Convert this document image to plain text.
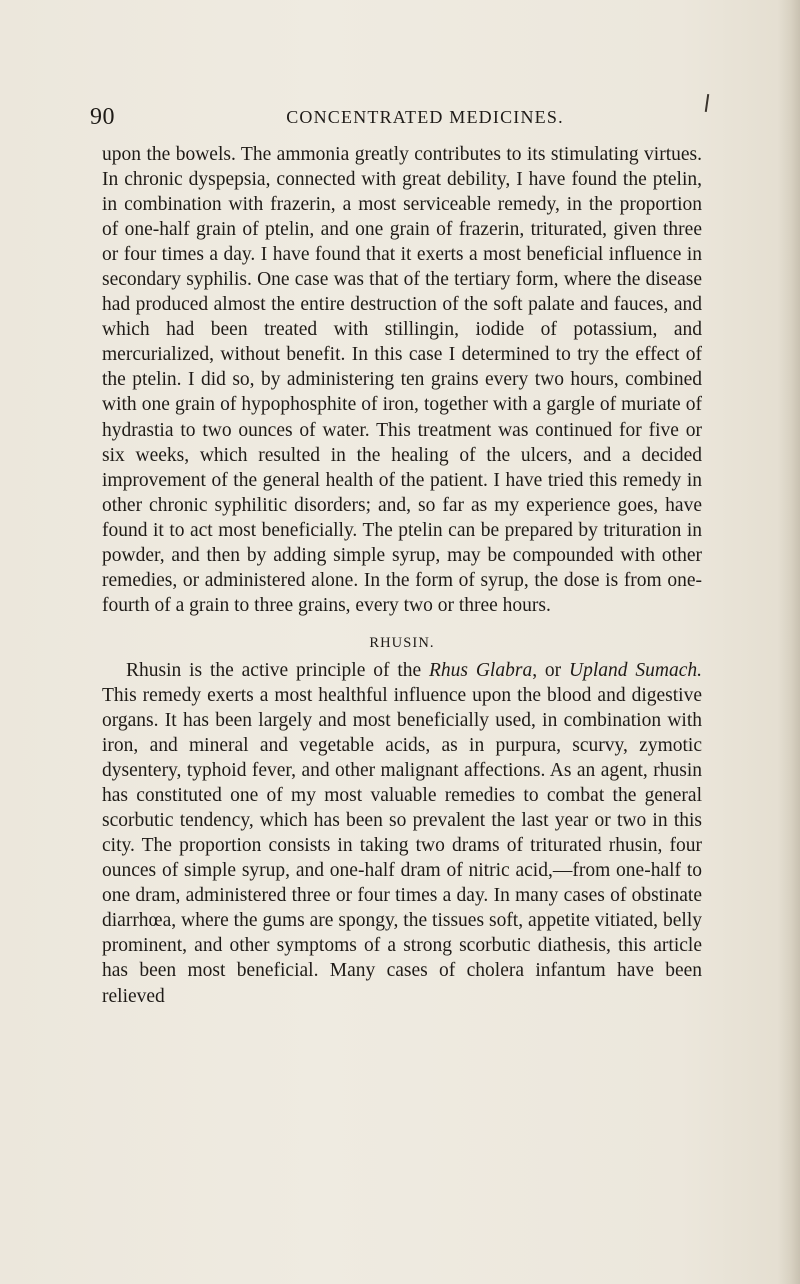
90	CONCENTRATED MEDICINES.

upon the bowels. The ammonia greatly contributes to its stimulating virtues. In chronic dyspepsia, connected with great debility, I have found the ptelin, in combination with frazerin, a most serviceable remedy, in the proportion of one-half grain of ptelin, and one grain of frazerin, triturated, given three or four times a day. I have found that it exerts a most beneficial influence in secondary syphilis. One case was that of the tertiary form, where the disease had produced almost the entire destruction of the soft palate and fauces, and which had been treated with stillingin, iodide of potassium, and mercurialized, without benefit. In this case I determined to try the effect of the ptelin. I did so, by administering ten grains every two hours, combined with one grain of hypophosphite of iron, together with a gargle of muriate of hydrastia to two ounces of water. This treatment was continued for five or six weeks, which resulted in the healing of the ulcers, and a decided improvement of the general health of the patient. I have tried this remedy in other chronic syphilitic disorders; and, so far as my experience goes, have found it to act most beneficially. The ptelin can be prepared by trituration in powder, and then by adding simple syrup, may be compounded with other remedies, or administered alone. In the form of syrup, the dose is from one-fourth of a grain to three grains, every two or three hours.

RHUSIN.

Rhusin is the active principle of the Rhus Glabra, or Upland Sumach. This remedy exerts a most healthful influence upon the blood and digestive organs. It has been largely and most beneficially used, in combination with iron, and mineral and vegetable acids, as in purpura, scurvy, zymotic dysentery, typhoid fever, and other malignant affections. As an agent, rhusin has constituted one of my most valuable remedies to combat the general scorbutic tendency, which has been so prevalent the last year or two in this city. The proportion consists in taking two drams of triturated rhusin, four ounces of simple syrup, and one-half dram of nitric acid,—from one-half to one dram, administered three or four times a day. In many cases of obstinate diarrhœa, where the gums are spongy, the tissues soft, appetite vitiated, belly prominent, and other symptoms of a strong scorbutic diathesis, this article has been most beneficial. Many cases of cholera infantum have been relieved
